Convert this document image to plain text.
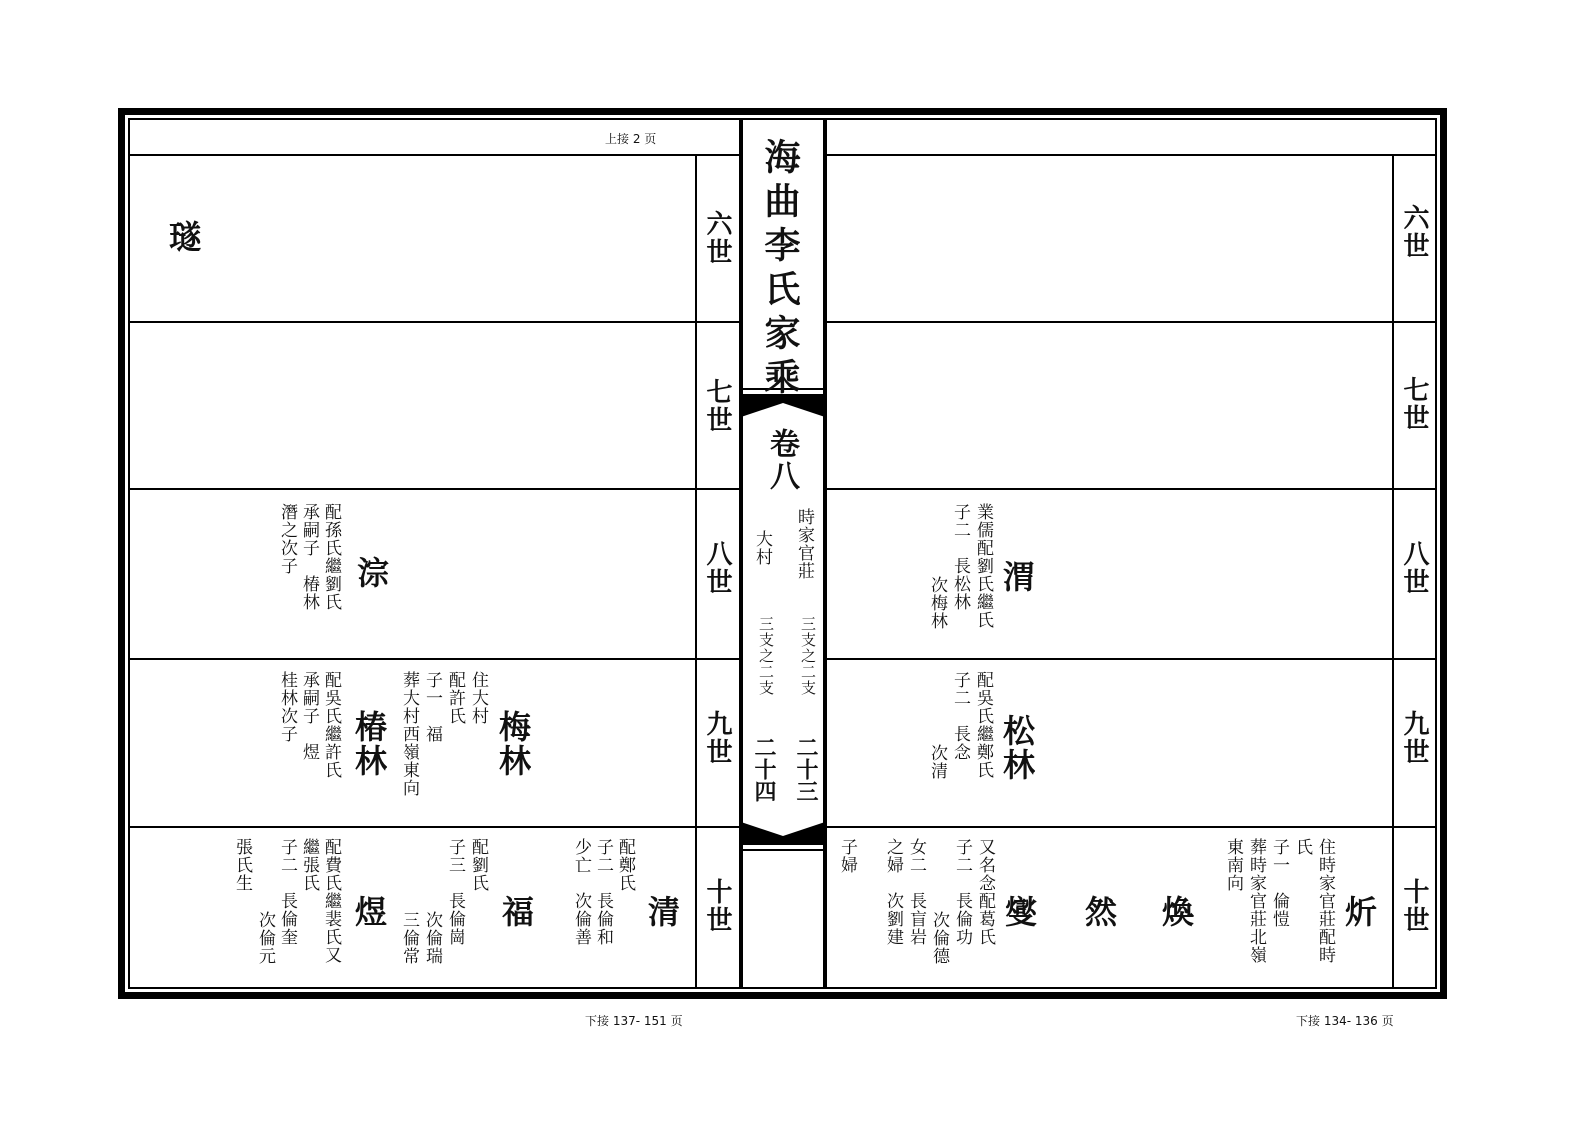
上接 2 页	海曲李氏家乘
卷八
時家官莊
大村
三支之二支
三支之二支
二十三
二十四
六世
七世
八世
九世
十世
六世
七世
八世
九世
十世
璲
淙
配孫氏繼劉氏
承嗣子　椿林
潛之次子
梅林
住大村
配許氏
子一　福
葬大村西嶺東向
椿林
配吳氏繼許氏
承嗣子　煜
桂林次子
清
配鄭氏
子二　長倫和
少亡　次倫善
福
配劉氏
子三　長倫崗
次倫瑞
三倫常
煜
配費氏繼裴氏又
繼張氏
子二　長倫奎
次倫元
張氏生
渭
業儒配劉氏繼氏
子二　長松林
次梅林
松林
配吳氏繼鄭氏
子二　長念
次清
炘
住時家官莊配時
氏
子一　倫愷
葬時家官莊北嶺
東南向
煥
然
燮
又名念配葛氏
子二　長倫功
次倫德
女二　長盲岩
之婦　次劉建
子婦
下接 137- 151 页	下接 134- 136 页
